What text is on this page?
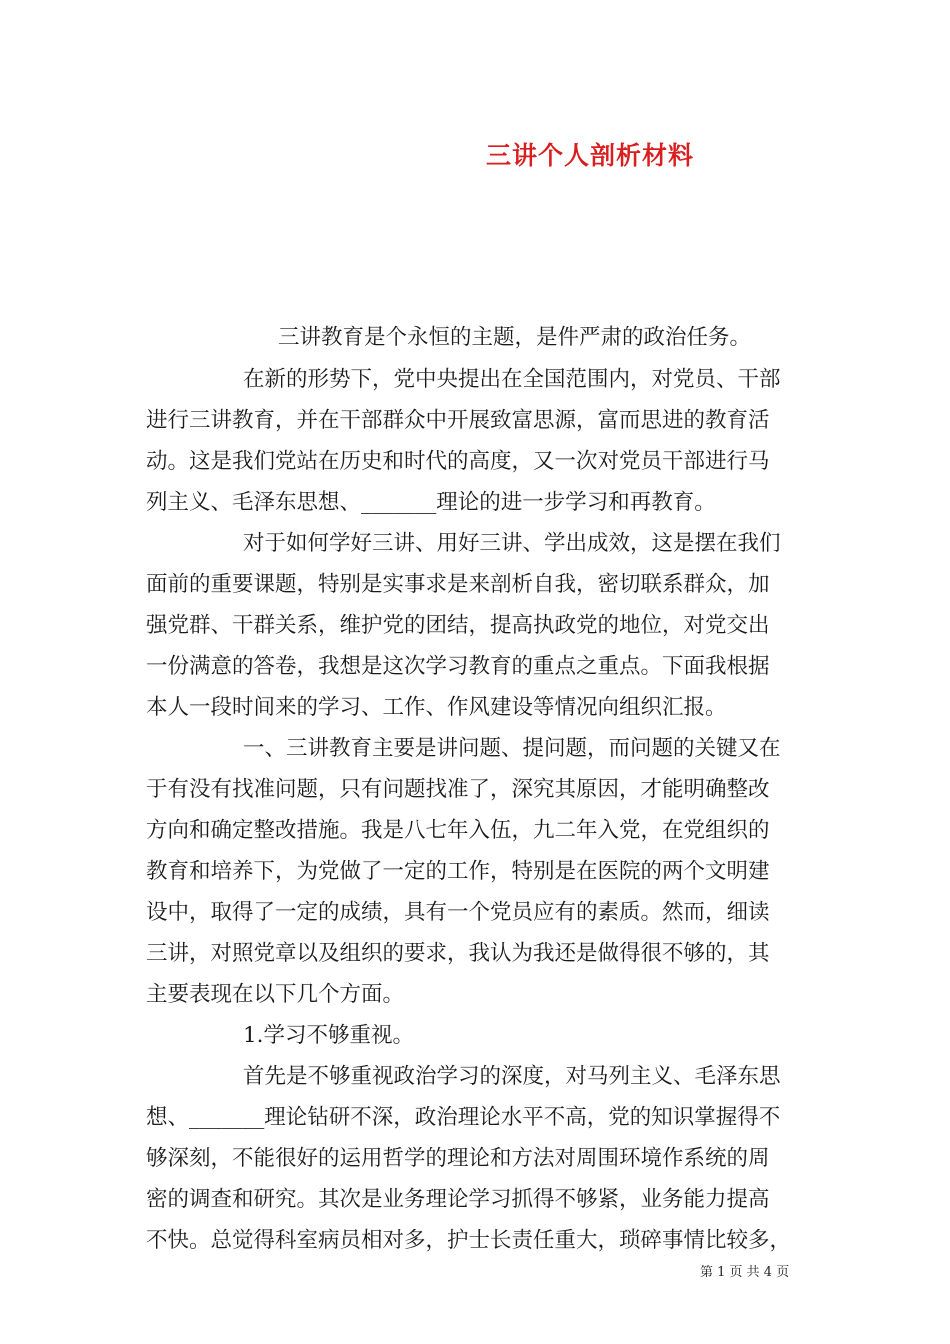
三讲个人剖析材料
三讲教育是个永恒的主题，是件严肃的政治任务。
在新的形势下，党中央提出在全国范围内，对党员、干部
进行三讲教育，并在干部群众中开展致富思源，富而思进的教育活
动。这是我们党站在历史和时代的高度，又一次对党员干部进行马
列主义、毛泽东思想、_______理论的进一步学习和再教育。
对于如何学好三讲、用好三讲、学出成效，这是摆在我们
面前的重要课题，特别是实事求是来剖析自我，密切联系群众，加
强党群、干群关系，维护党的团结，提高执政党的地位，对党交出
一份满意的答卷，我想是这次学习教育的重点之重点。下面我根据
本人一段时间来的学习、工作、作风建设等情况向组织汇报。
一、三讲教育主要是讲问题、提问题，而问题的关键又在
于有没有找准问题，只有问题找准了，深究其原因，才能明确整改
方向和确定整改措施。我是八七年入伍，九二年入党，在党组织的
教育和培养下，为党做了一定的工作，特别是在医院的两个文明建
设中，取得了一定的成绩，具有一个党员应有的素质。然而，细读
三讲，对照党章以及组织的要求，我认为我还是做得很不够的，其
主要表现在以下几个方面。
1.学习不够重视。
首先是不够重视政治学习的深度，对马列主义、毛泽东思
想、_______理论钻研不深，政治理论水平不高，党的知识掌握得不
够深刻，不能很好的运用哲学的理论和方法对周围环境作系统的周
密的调查和研究。其次是业务理论学习抓得不够紧，业务能力提高
不快。总觉得科室病员相对多，护士长责任重大，琐碎事情比较多，
第 1 页 共 4 页
